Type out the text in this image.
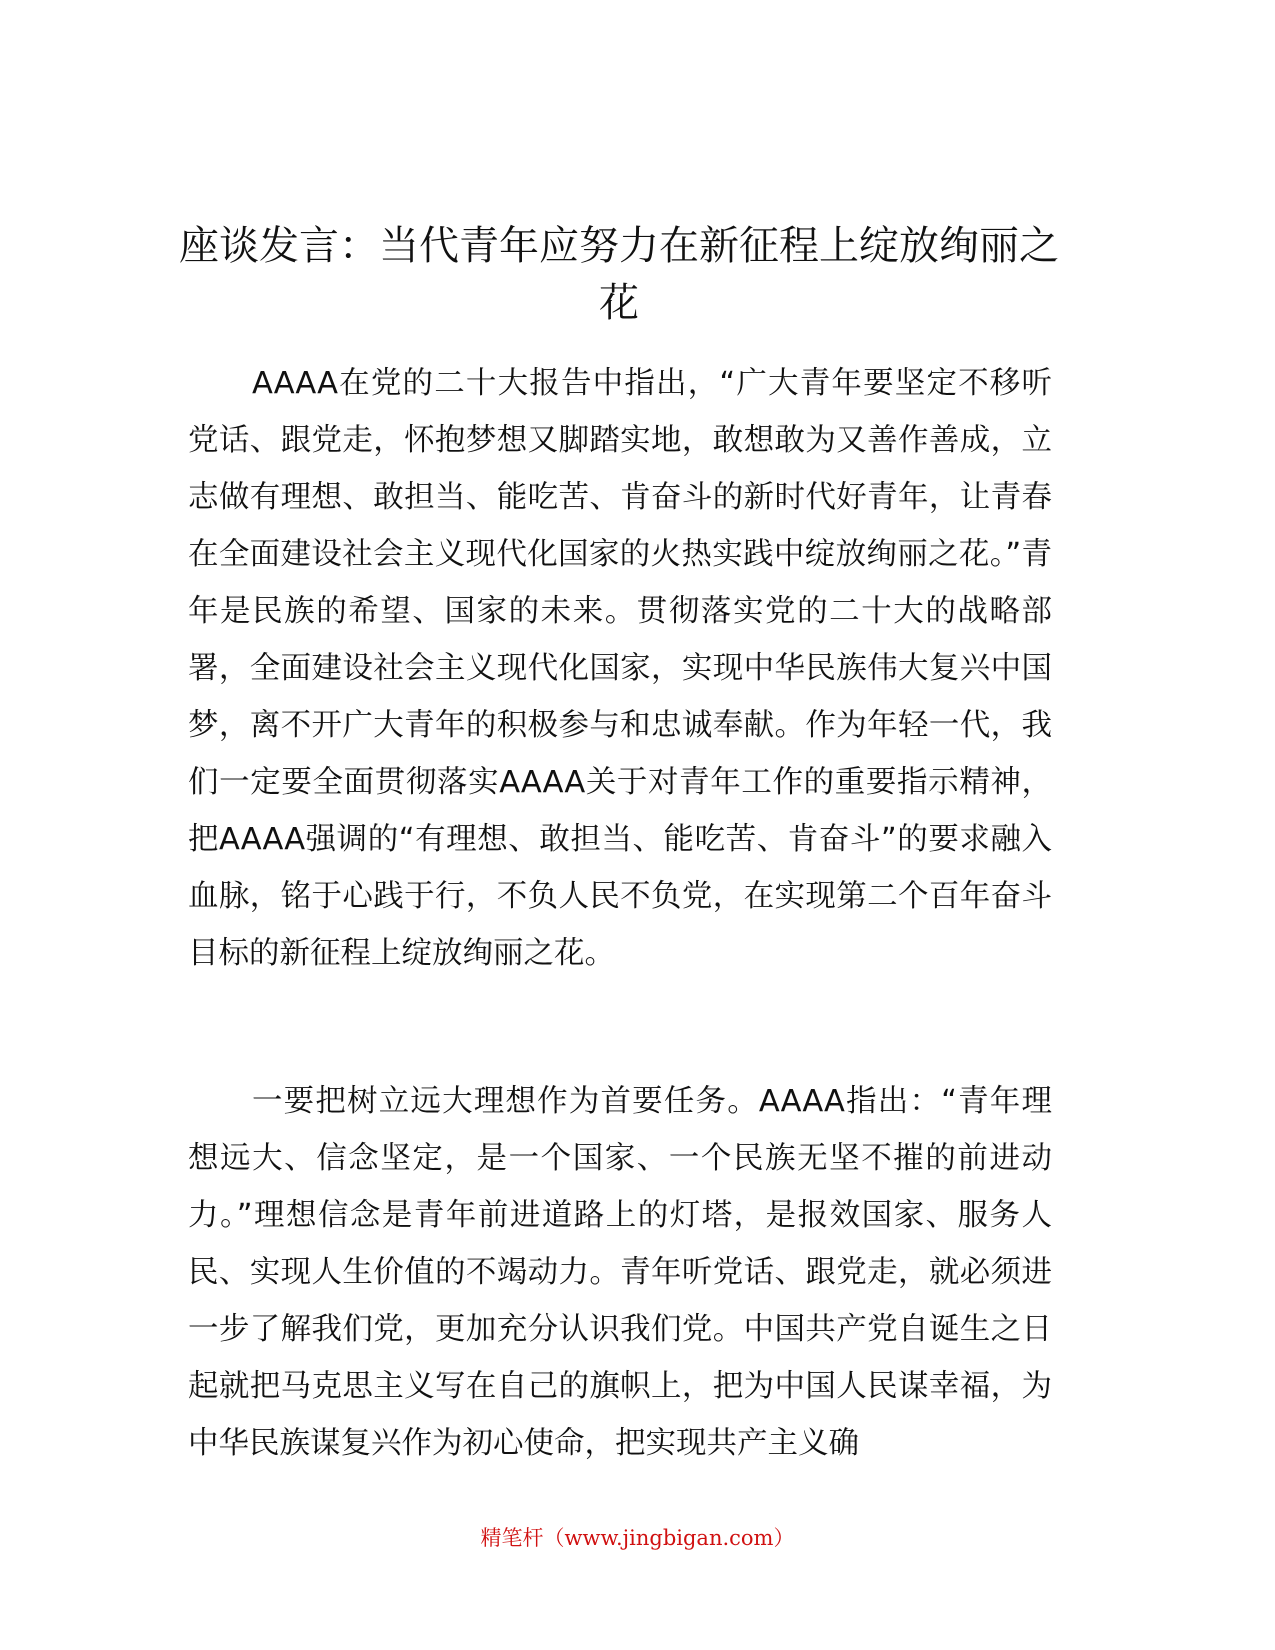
座谈发言：当代青年应努力在新征程上绽放绚丽之花

AAAA在党的二十大报告中指出，“广大青年要坚定不移听党话、跟党走，怀抱梦想又脚踏实地，敢想敢为又善作善成，立志做有理想、敢担当、能吃苦、肯奋斗的新时代好青年，让青春在全面建设社会主义现代化国家的火热实践中绽放绚丽之花。”青年是民族的希望、国家的未来。贯彻落实党的二十大的战略部署，全面建设社会主义现代化国家，实现中华民族伟大复兴中国梦，离不开广大青年的积极参与和忠诚奉献。作为年轻一代，我们一定要全面贯彻落实AAAA关于对青年工作的重要指示精神，把AAAA强调的“有理想、敢担当、能吃苦、肯奋斗”的要求融入血脉，铭于心践于行，不负人民不负党，在实现第二个百年奋斗目标的新征程上绽放绚丽之花。

一要把树立远大理想作为首要任务。AAAA指出：“青年理想远大、信念坚定，是一个国家、一个民族无坚不摧的前进动力。”理想信念是青年前进道路上的灯塔，是报效国家、服务人民、实现人生价值的不竭动力。青年听党话、跟党走，就必须进一步了解我们党，更加充分认识我们党。中国共产党自诞生之日起就把马克思主义写在自己的旗帜上，把为中国人民谋幸福，为中华民族谋复兴作为初心使命，把实现共产主义确

精笔杆（www.jingbigan.com）
